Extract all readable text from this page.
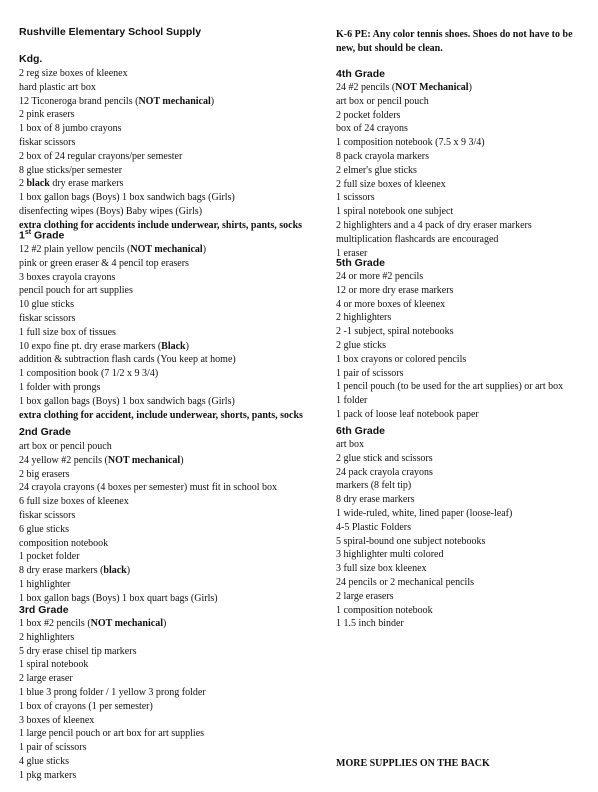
Rushville Elementary School Supply
Kdg.
2 reg size boxes of kleenex
hard plastic art box
12 Ticoneroga brand pencils (NOT mechanical)
2 pink erasers
1 box of 8 jumbo crayons
fiskar scissors
2 box of 24 regular crayons/per semester
8 glue sticks/per semester
2 black dry erase markers
1 box gallon bags (Boys) 1 box sandwich bags (Girls)
disenfecting wipes (Boys) Baby wipes (Girls)
extra clothing for accidents include underwear, shirts, pants, socks
1st Grade
12 #2 plain yellow pencils (NOT mechanical)
pink or green eraser & 4 pencil top erasers
3 boxes crayola crayons
pencil pouch for art supplies
10 glue sticks
fiskar scissors
1 full size box of tissues
10 expo fine pt. dry erase markers (Black)
addition & subtraction flash cards (You keep at home)
1 composition book (7 1/2 x 9 3/4)
1 folder with prongs
1 box gallon bags (Boys) 1 box sandwich bags (Girls)
extra clothing for accident, include underwear, shorts, pants, socks
2nd Grade
art box or pencil pouch
24 yellow #2 pencils (NOT mechanical)
2 big erasers
24 crayola crayons (4 boxes per semester) must fit in school box
6 full size boxes of kleenex
fiskar scissors
6 glue sticks
composition notebook
1 pocket folder
8 dry erase markers (black)
1 highlighter
1 box gallon bags (Boys) 1 box quart bags (Girls)
3rd Grade
1 box #2 pencils (NOT mechanical)
2 highlighters
5 dry erase chisel tip markers
1 spiral notebook
2 large eraser
1 blue 3 prong folder / 1 yellow 3 prong folder
1 box of crayons (1 per semester)
3 boxes of kleenex
1 large pencil pouch or art box for art supplies
1 pair of scissors
4 glue sticks
1 pkg markers
K-6 PE: Any color tennis shoes. Shoes do not have to be new, but should be clean.
4th Grade
24 #2 pencils (NOT Mechanical)
art box or pencil pouch
2 pocket folders
box of 24 crayons
1 composition notebook (7.5 x 9 3/4)
8 pack crayola markers
2 elmer's glue sticks
2 full size boxes of kleenex
1 scissors
1 spiral notebook one subject
2 highlighters and a 4 pack of dry eraser markers
multiplication flashcards are encouraged
1 eraser
5th Grade
24 or more #2 pencils
12 or more dry erase markers
4 or more boxes of kleenex
2 highlighters
2 -1 subject, spiral notebooks
2 glue sticks
1 box crayons or colored pencils
1 pair of scissors
1 pencil pouch (to be used for the art supplies) or art box
1 folder
1 pack of loose leaf notebook paper
6th Grade
art box
2 glue stick and scissors
24 pack crayola crayons
markers (8 felt tip)
8 dry erase markers
1 wide-ruled, white, lined paper (loose-leaf)
4-5 Plastic Folders
5 spiral-bound one subject notebooks
3 highlighter multi colored
3 full size box kleenex
24 pencils or 2 mechanical pencils
2 large erasers
1 composition notebook
1 1.5 inch binder
MORE SUPPLIES ON THE BACK
